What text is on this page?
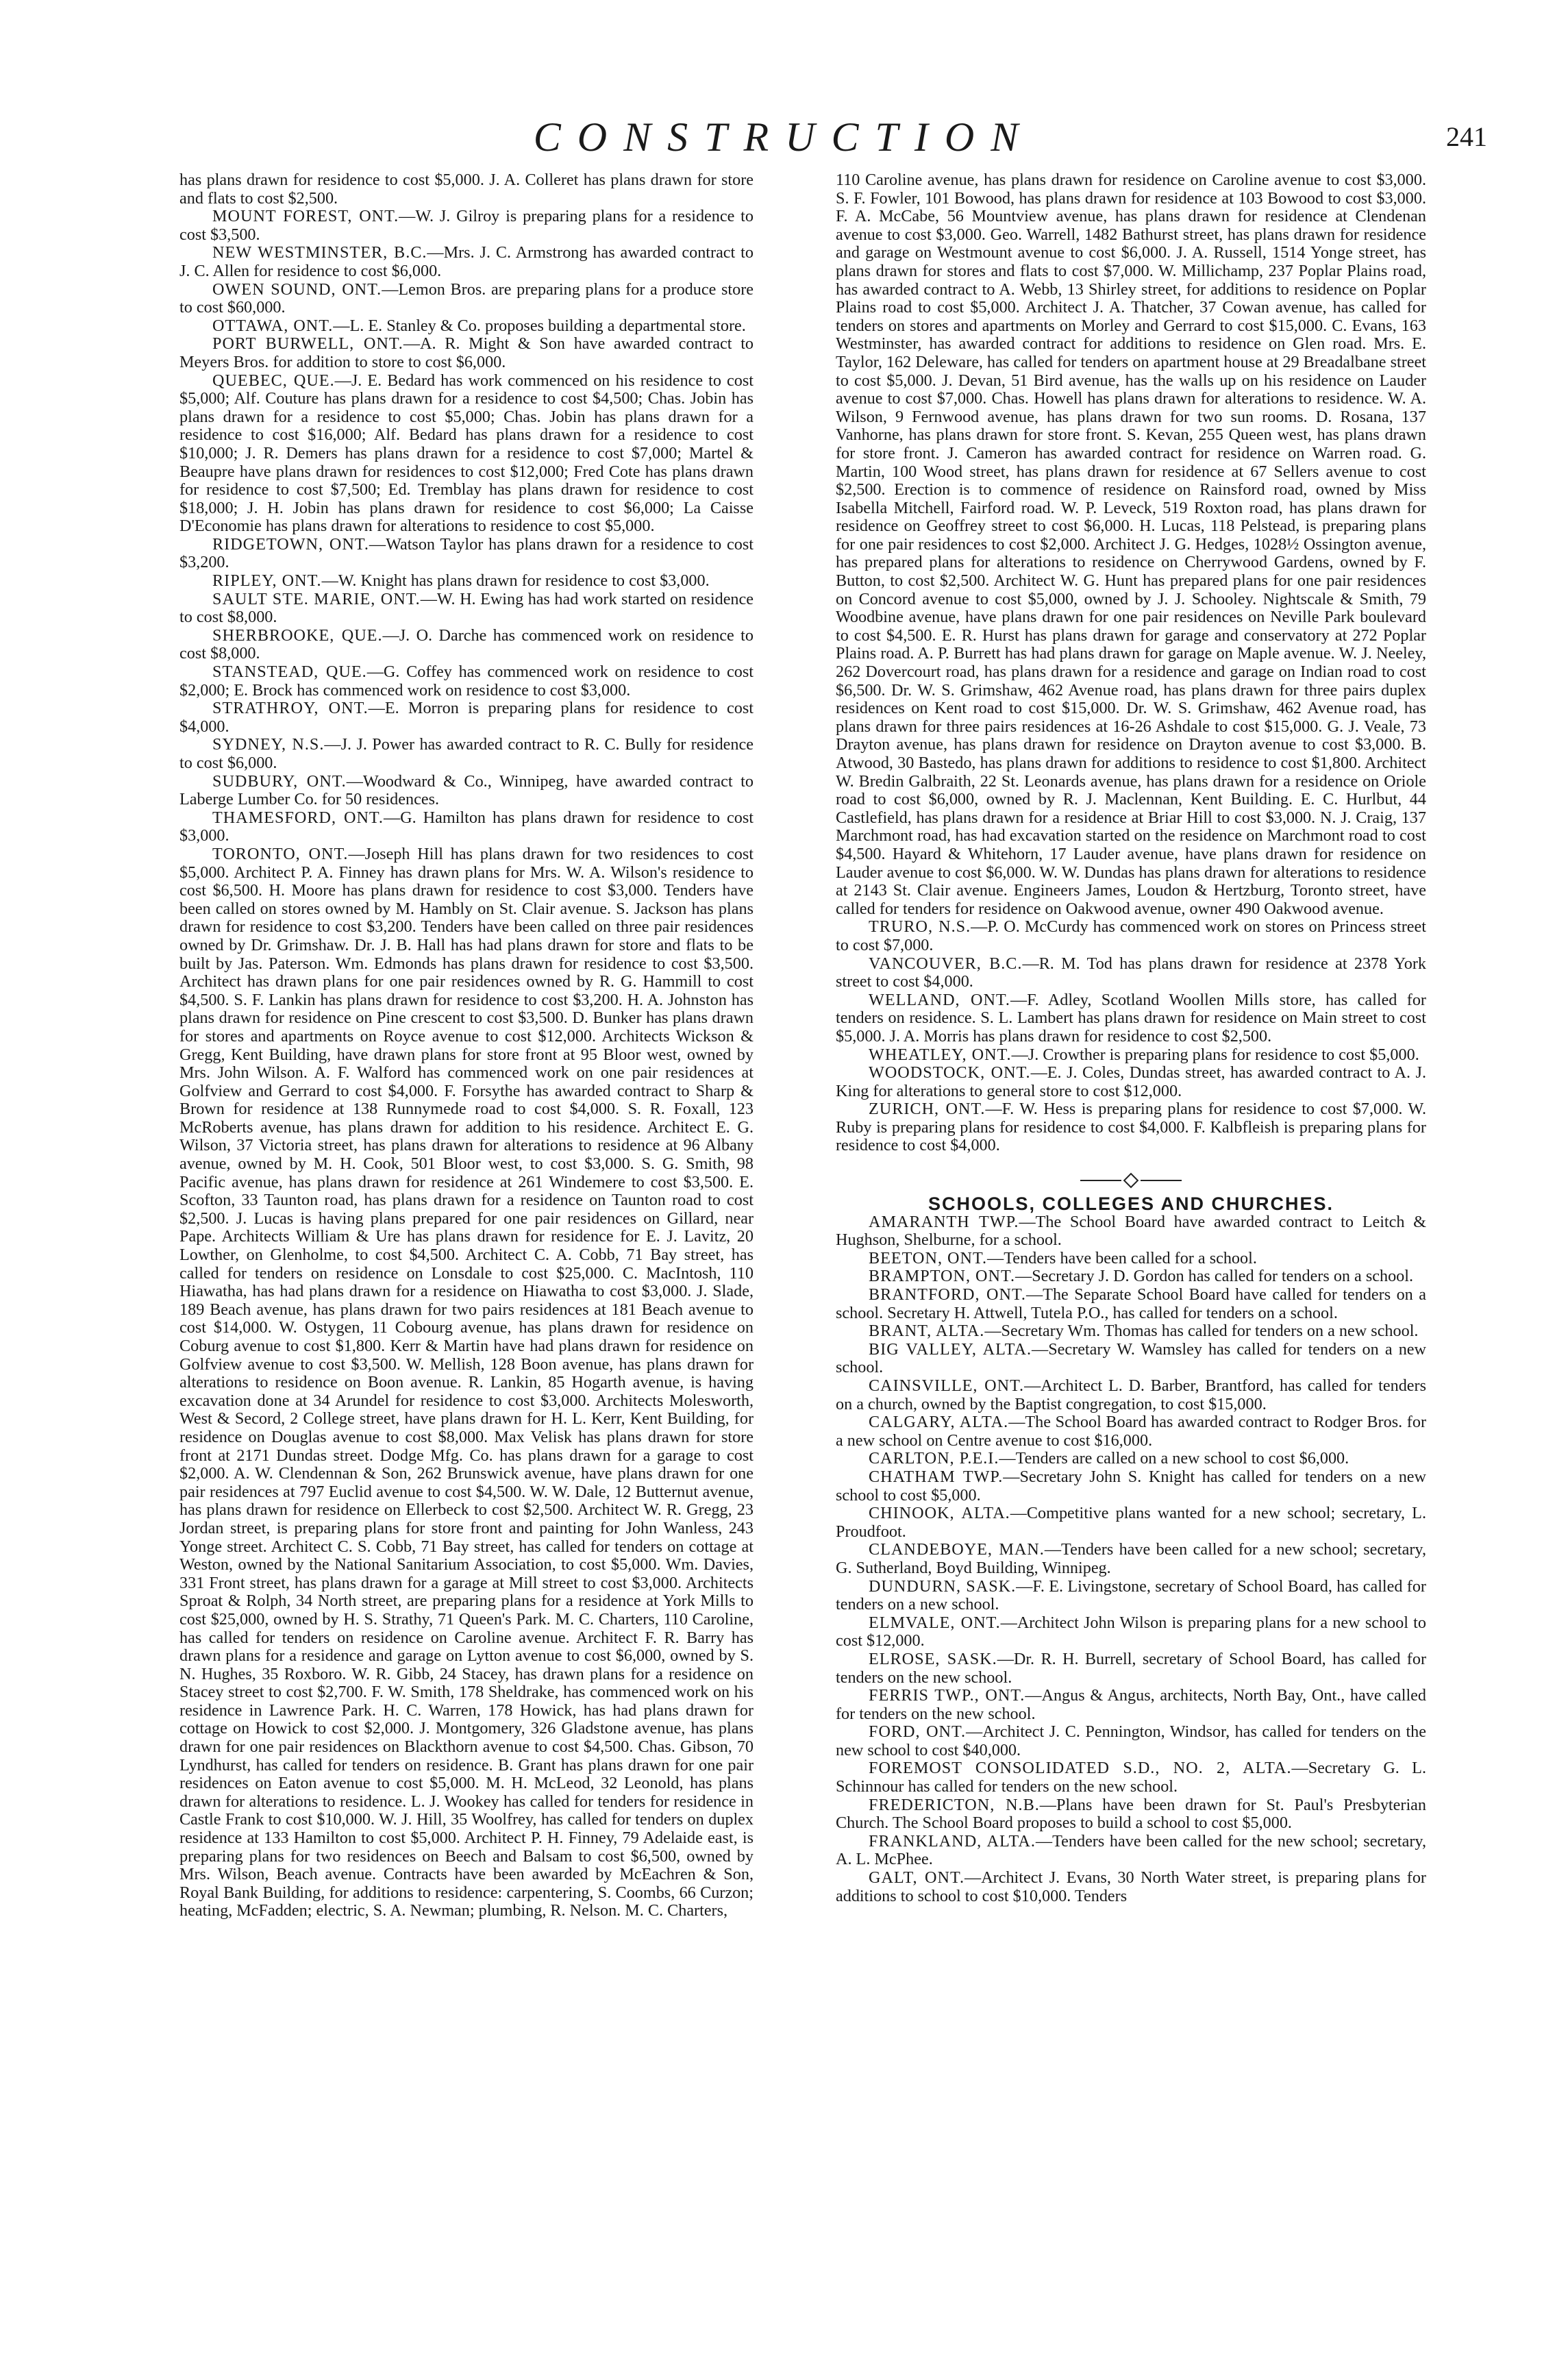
CONSTRUCTION	241

has plans drawn for residence to cost $5,000. J. A. Colleret has plans drawn for store and flats to cost $2,500.

MOUNT FOREST, ONT.—W. J. Gilroy is preparing plans for a residence to cost $3,500.

NEW WESTMINSTER, B.C.—Mrs. J. C. Armstrong has awarded contract to J. C. Allen for residence to cost $6,000.

OWEN SOUND, ONT.—Lemon Bros. are preparing plans for a produce store to cost $60,000.

OTTAWA, ONT.—L. E. Stanley & Co. proposes building a departmental store.

PORT BURWELL, ONT.—A. R. Might & Son have awarded contract to Meyers Bros. for addition to store to cost $6,000.

QUEBEC, QUE.—J. E. Bedard has work commenced on his residence to cost $5,000; Alf. Couture has plans drawn for a residence to cost $4,500; Chas. Jobin has plans drawn for a residence to cost $5,000; Chas. Jobin has plans drawn for a residence to cost $16,000; Alf. Bedard has plans drawn for a residence to cost $10,000; J. R. Demers has plans drawn for a residence to cost $7,000; Martel & Beaupre have plans drawn for residences to cost $12,000; Fred Cote has plans drawn for residence to cost $7,500; Ed. Tremblay has plans drawn for residence to cost $18,000; J. H. Jobin has plans drawn for residence to cost $6,000; La Caisse D'Economie has plans drawn for alterations to residence to cost $5,000.

RIDGETOWN, ONT.—Watson Taylor has plans drawn for a residence to cost $3,200.

RIPLEY, ONT.—W. Knight has plans drawn for residence to cost $3,000.

SAULT STE. MARIE, ONT.—W. H. Ewing has had work started on residence to cost $8,000.

SHERBROOKE, QUE.—J. O. Darche has commenced work on residence to cost $8,000.

STANSTEAD, QUE.—G. Coffey has commenced work on residence to cost $2,000; E. Brock has commenced work on residence to cost $3,000.

STRATHROY, ONT.—E. Morron is preparing plans for residence to cost $4,000.

SYDNEY, N.S.—J. J. Power has awarded contract to R. C. Bully for residence to cost $6,000.

SUDBURY, ONT.—Woodward & Co., Winnipeg, have awarded contract to Laberge Lumber Co. for 50 residences.

THAMESFORD, ONT.—G. Hamilton has plans drawn for residence to cost $3,000.

TORONTO, ONT.—Joseph Hill has plans drawn for two residences to cost $5,000. Architect P. A. Finney has drawn plans for Mrs. W. A. Wilson's residence to cost $6,500. H. Moore has plans drawn for residence to cost $3,000. Tenders have been called on stores owned by M. Hambly on St. Clair avenue. S. Jackson has plans drawn for residence to cost $3,200. Tenders have been called on three pair residences owned by Dr. Grimshaw. Dr. J. B. Hall has had plans drawn for store and flats to be built by Jas. Paterson. Wm. Edmonds has plans drawn for residence to cost $3,500. Architect has drawn plans for one pair residences owned by R. G. Hammill to cost $4,500. S. F. Lankin has plans drawn for residence to cost $3,200. H. A. Johnston has plans drawn for residence on Pine crescent to cost $3,500. D. Bunker has plans drawn for stores and apartments on Royce avenue to cost $12,000. Architects Wickson & Gregg, Kent Building, have drawn plans for store front at 95 Bloor west, owned by Mrs. John Wilson. A. F. Walford has commenced work on one pair residences at Golfview and Gerrard to cost $4,000. F. Forsythe has awarded contract to Sharp & Brown for residence at 138 Runnymede road to cost $4,000. S. R. Foxall, 123 McRoberts avenue, has plans drawn for addition to his residence. Architect E. G. Wilson, 37 Victoria street, has plans drawn for alterations to residence at 96 Albany avenue, owned by M. H. Cook, 501 Bloor west, to cost $3,000. S. G. Smith, 98 Pacific avenue, has plans drawn for residence at 261 Windemere to cost $3,500. E. Scofton, 33 Taunton road, has plans drawn for a residence on Taunton road to cost $2,500. J. Lucas is having plans prepared for one pair residences on Gillard, near Pape. Architects William & Ure has plans drawn for residence for E. J. Lavitz, 20 Lowther, on Glenholme, to cost $4,500. Architect C. A. Cobb, 71 Bay street, has called for tenders on residence on Lonsdale to cost $25,000. C. MacIntosh, 110 Hiawatha, has had plans drawn for a residence on Hiawatha to cost $3,000. J. Slade, 189 Beach avenue, has plans drawn for two pairs residences at 181 Beach avenue to cost $14,000. W. Ostygen, 11 Cobourg avenue, has plans drawn for residence on Coburg avenue to cost $1,800. Kerr & Martin have had plans drawn for residence on Golfview avenue to cost $3,500. W. Mellish, 128 Boon avenue, has plans drawn for alterations to residence on Boon avenue. R. Lankin, 85 Hogarth avenue, is having excavation done at 34 Arundel for residence to cost $3,000. Architects Molesworth, West & Secord, 2 College street, have plans drawn for H. L. Kerr, Kent Building, for residence on Douglas avenue to cost $8,000. Max Velisk has plans drawn for store front at 2171 Dundas street. Dodge Mfg. Co. has plans drawn for a garage to cost $2,000. A. W. Clendennan & Son, 262 Brunswick avenue, have plans drawn for one pair residences at 797 Euclid avenue to cost $4,500. W. W. Dale, 12 Butternut avenue, has plans drawn for residence on Ellerbeck to cost $2,500. Architect W. R. Gregg, 23 Jordan street, is preparing plans for store front and painting for John Wanless, 243 Yonge street. Architect C. S. Cobb, 71 Bay street, has called for tenders on cottage at Weston, owned by the National Sanitarium Association, to cost $5,000. Wm. Davies, 331 Front street, has plans drawn for a garage at Mill street to cost $3,000. Architects Sproat & Rolph, 34 North street, are preparing plans for a residence at York Mills to cost $25,000, owned by H. S. Strathy, 71 Queen's Park. M. C. Charters, 110 Caroline, has called for tenders on residence on Caroline avenue. Architect F. R. Barry has drawn plans for a residence and garage on Lytton avenue to cost $6,000, owned by S. N. Hughes, 35 Roxboro. W. R. Gibb, 24 Stacey, has drawn plans for a residence on Stacey street to cost $2,700. F. W. Smith, 178 Sheldrake, has commenced work on his residence in Lawrence Park. H. C. Warren, 178 Howick, has had plans drawn for cottage on Howick to cost $2,000. J. Montgomery, 326 Gladstone avenue, has plans drawn for one pair residences on Blackthorn avenue to cost $4,500. Chas. Gibson, 70 Lyndhurst, has called for tenders on residence. B. Grant has plans drawn for one pair residences on Eaton avenue to cost $5,000. M. H. McLeod, 32 Leonold, has plans drawn for alterations to residence. L. J. Wookey has called for tenders for residence in Castle Frank to cost $10,000. W. J. Hill, 35 Woolfrey, has called for tenders on duplex residence at 133 Hamilton to cost $5,000. Architect P. H. Finney, 79 Adelaide east, is preparing plans for two residences on Beech and Balsam to cost $6,500, owned by Mrs. Wilson, Beach avenue. Contracts have been awarded by McEachren & Son, Royal Bank Building, for additions to residence: carpentering, S. Coombs, 66 Curzon; heating, McFadden; electric, S. A. Newman; plumbing, R. Nelson. M. C. Charters,

110 Caroline avenue, has plans drawn for residence on Caroline avenue to cost $3,000. S. F. Fowler, 101 Bowood, has plans drawn for residence at 103 Bowood to cost $3,000. F. A. McCabe, 56 Mountview avenue, has plans drawn for residence at Clendenan avenue to cost $3,000. Geo. Warrell, 1482 Bathurst street, has plans drawn for residence and garage on Westmount avenue to cost $6,000. J. A. Russell, 1514 Yonge street, has plans drawn for stores and flats to cost $7,000. W. Millichamp, 237 Poplar Plains road, has awarded contract to A. Webb, 13 Shirley street, for additions to residence on Poplar Plains road to cost $5,000. Architect J. A. Thatcher, 37 Cowan avenue, has called for tenders on stores and apartments on Morley and Gerrard to cost $15,000. C. Evans, 163 Westminster, has awarded contract for additions to residence on Glen road. Mrs. E. Taylor, 162 Deleware, has called for tenders on apartment house at 29 Breadalbane street to cost $5,000. J. Devan, 51 Bird avenue, has the walls up on his residence on Lauder avenue to cost $7,000. Chas. Howell has plans drawn for alterations to residence. W. A. Wilson, 9 Fernwood avenue, has plans drawn for two sun rooms. D. Rosana, 137 Vanhorne, has plans drawn for store front. S. Kevan, 255 Queen west, has plans drawn for store front. J. Cameron has awarded contract for residence on Warren road. G. Martin, 100 Wood street, has plans drawn for residence at 67 Sellers avenue to cost $2,500. Erection is to commence of residence on Rainsford road, owned by Miss Isabella Mitchell, Fairford road. W. P. Leveck, 519 Roxton road, has plans drawn for residence on Geoffrey street to cost $6,000. H. Lucas, 118 Pelstead, is preparing plans for one pair residences to cost $2,000. Architect J. G. Hedges, 1028½ Ossington avenue, has prepared plans for alterations to residence on Cherrywood Gardens, owned by F. Button, to cost $2,500. Architect W. G. Hunt has prepared plans for one pair residences on Concord avenue to cost $5,000, owned by J. J. Schooley. Nightscale & Smith, 79 Woodbine avenue, have plans drawn for one pair residences on Neville Park boulevard to cost $4,500. E. R. Hurst has plans drawn for garage and conservatory at 272 Poplar Plains road. A. P. Burrett has had plans drawn for garage on Maple avenue. W. J. Neeley, 262 Dovercourt road, has plans drawn for a residence and garage on Indian road to cost $6,500. Dr. W. S. Grimshaw, 462 Avenue road, has plans drawn for three pairs duplex residences on Kent road to cost $15,000. Dr. W. S. Grimshaw, 462 Avenue road, has plans drawn for three pairs residences at 16-26 Ashdale to cost $15,000. G. J. Veale, 73 Drayton avenue, has plans drawn for residence on Drayton avenue to cost $3,000. B. Atwood, 30 Bastedo, has plans drawn for additions to residence to cost $1,800. Architect W. Bredin Galbraith, 22 St. Leonards avenue, has plans drawn for a residence on Oriole road to cost $6,000, owned by R. J. Maclennan, Kent Building. E. C. Hurlbut, 44 Castlefield, has plans drawn for a residence at Briar Hill to cost $3,000. N. J. Craig, 137 Marchmont road, has had excavation started on the residence on Marchmont road to cost $4,500. Hayard & Whitehorn, 17 Lauder avenue, have plans drawn for residence on Lauder avenue to cost $6,000. W. W. Dundas has plans drawn for alterations to residence at 2143 St. Clair avenue. Engineers James, Loudon & Hertzburg, Toronto street, have called for tenders for residence on Oakwood avenue, owner 490 Oakwood avenue.

TRURO, N.S.—P. O. McCurdy has commenced work on stores on Princess street to cost $7,000.

VANCOUVER, B.C.—R. M. Tod has plans drawn for residence at 2378 York street to cost $4,000.

WELLAND, ONT.—F. Adley, Scotland Woollen Mills store, has called for tenders on residence. S. L. Lambert has plans drawn for residence on Main street to cost $5,000. J. A. Morris has plans drawn for residence to cost $2,500.

WHEATLEY, ONT.—J. Crowther is preparing plans for residence to cost $5,000.

WOODSTOCK, ONT.—E. J. Coles, Dundas street, has awarded contract to A. J. King for alterations to general store to cost $12,000.

ZURICH, ONT.—F. W. Hess is preparing plans for residence to cost $7,000. W. Ruby is preparing plans for residence to cost $4,000. F. Kalbfleish is preparing plans for residence to cost $4,000.

SCHOOLS, COLLEGES AND CHURCHES.

AMARANTH TWP.—The School Board have awarded contract to Leitch & Hughson, Shelburne, for a school.

BEETON, ONT.—Tenders have been called for a school.

BRAMPTON, ONT.—Secretary J. D. Gordon has called for tenders on a school.

BRANTFORD, ONT.—The Separate School Board have called for tenders on a school. Secretary H. Attwell, Tutela P.O., has called for tenders on a school.

BRANT, ALTA.—Secretary Wm. Thomas has called for tenders on a new school.

BIG VALLEY, ALTA.—Secretary W. Wamsley has called for tenders on a new school.

CAINSVILLE, ONT.—Architect L. D. Barber, Brantford, has called for tenders on a church, owned by the Baptist congregation, to cost $15,000.

CALGARY, ALTA.—The School Board has awarded contract to Rodger Bros. for a new school on Centre avenue to cost $16,000.

CARLTON, P.E.I.—Tenders are called on a new school to cost $6,000.

CHATHAM TWP.—Secretary John S. Knight has called for tenders on a new school to cost $5,000.

CHINOOK, ALTA.—Competitive plans wanted for a new school; secretary, L. Proudfoot.

CLANDEBOYE, MAN.—Tenders have been called for a new school; secretary, G. Sutherland, Boyd Building, Winnipeg.

DUNDURN, SASK.—F. E. Livingstone, secretary of School Board, has called for tenders on a new school.

ELMVALE, ONT.—Architect John Wilson is preparing plans for a new school to cost $12,000.

ELROSE, SASK.—Dr. R. H. Burrell, secretary of School Board, has called for tenders on the new school.

FERRIS TWP., ONT.—Angus & Angus, architects, North Bay, Ont., have called for tenders on the new school.

FORD, ONT.—Architect J. C. Pennington, Windsor, has called for tenders on the new school to cost $40,000.

FOREMOST CONSOLIDATED S.D., NO. 2, ALTA.—Secretary G. L. Schinnour has called for tenders on the new school.

FREDERICTON, N.B.—Plans have been drawn for St. Paul's Presbyterian Church. The School Board proposes to build a school to cost $5,000.

FRANKLAND, ALTA.—Tenders have been called for the new school; secretary, A. L. McPhee.

GALT, ONT.—Architect J. Evans, 30 North Water street, is preparing plans for additions to school to cost $10,000. Tenders
